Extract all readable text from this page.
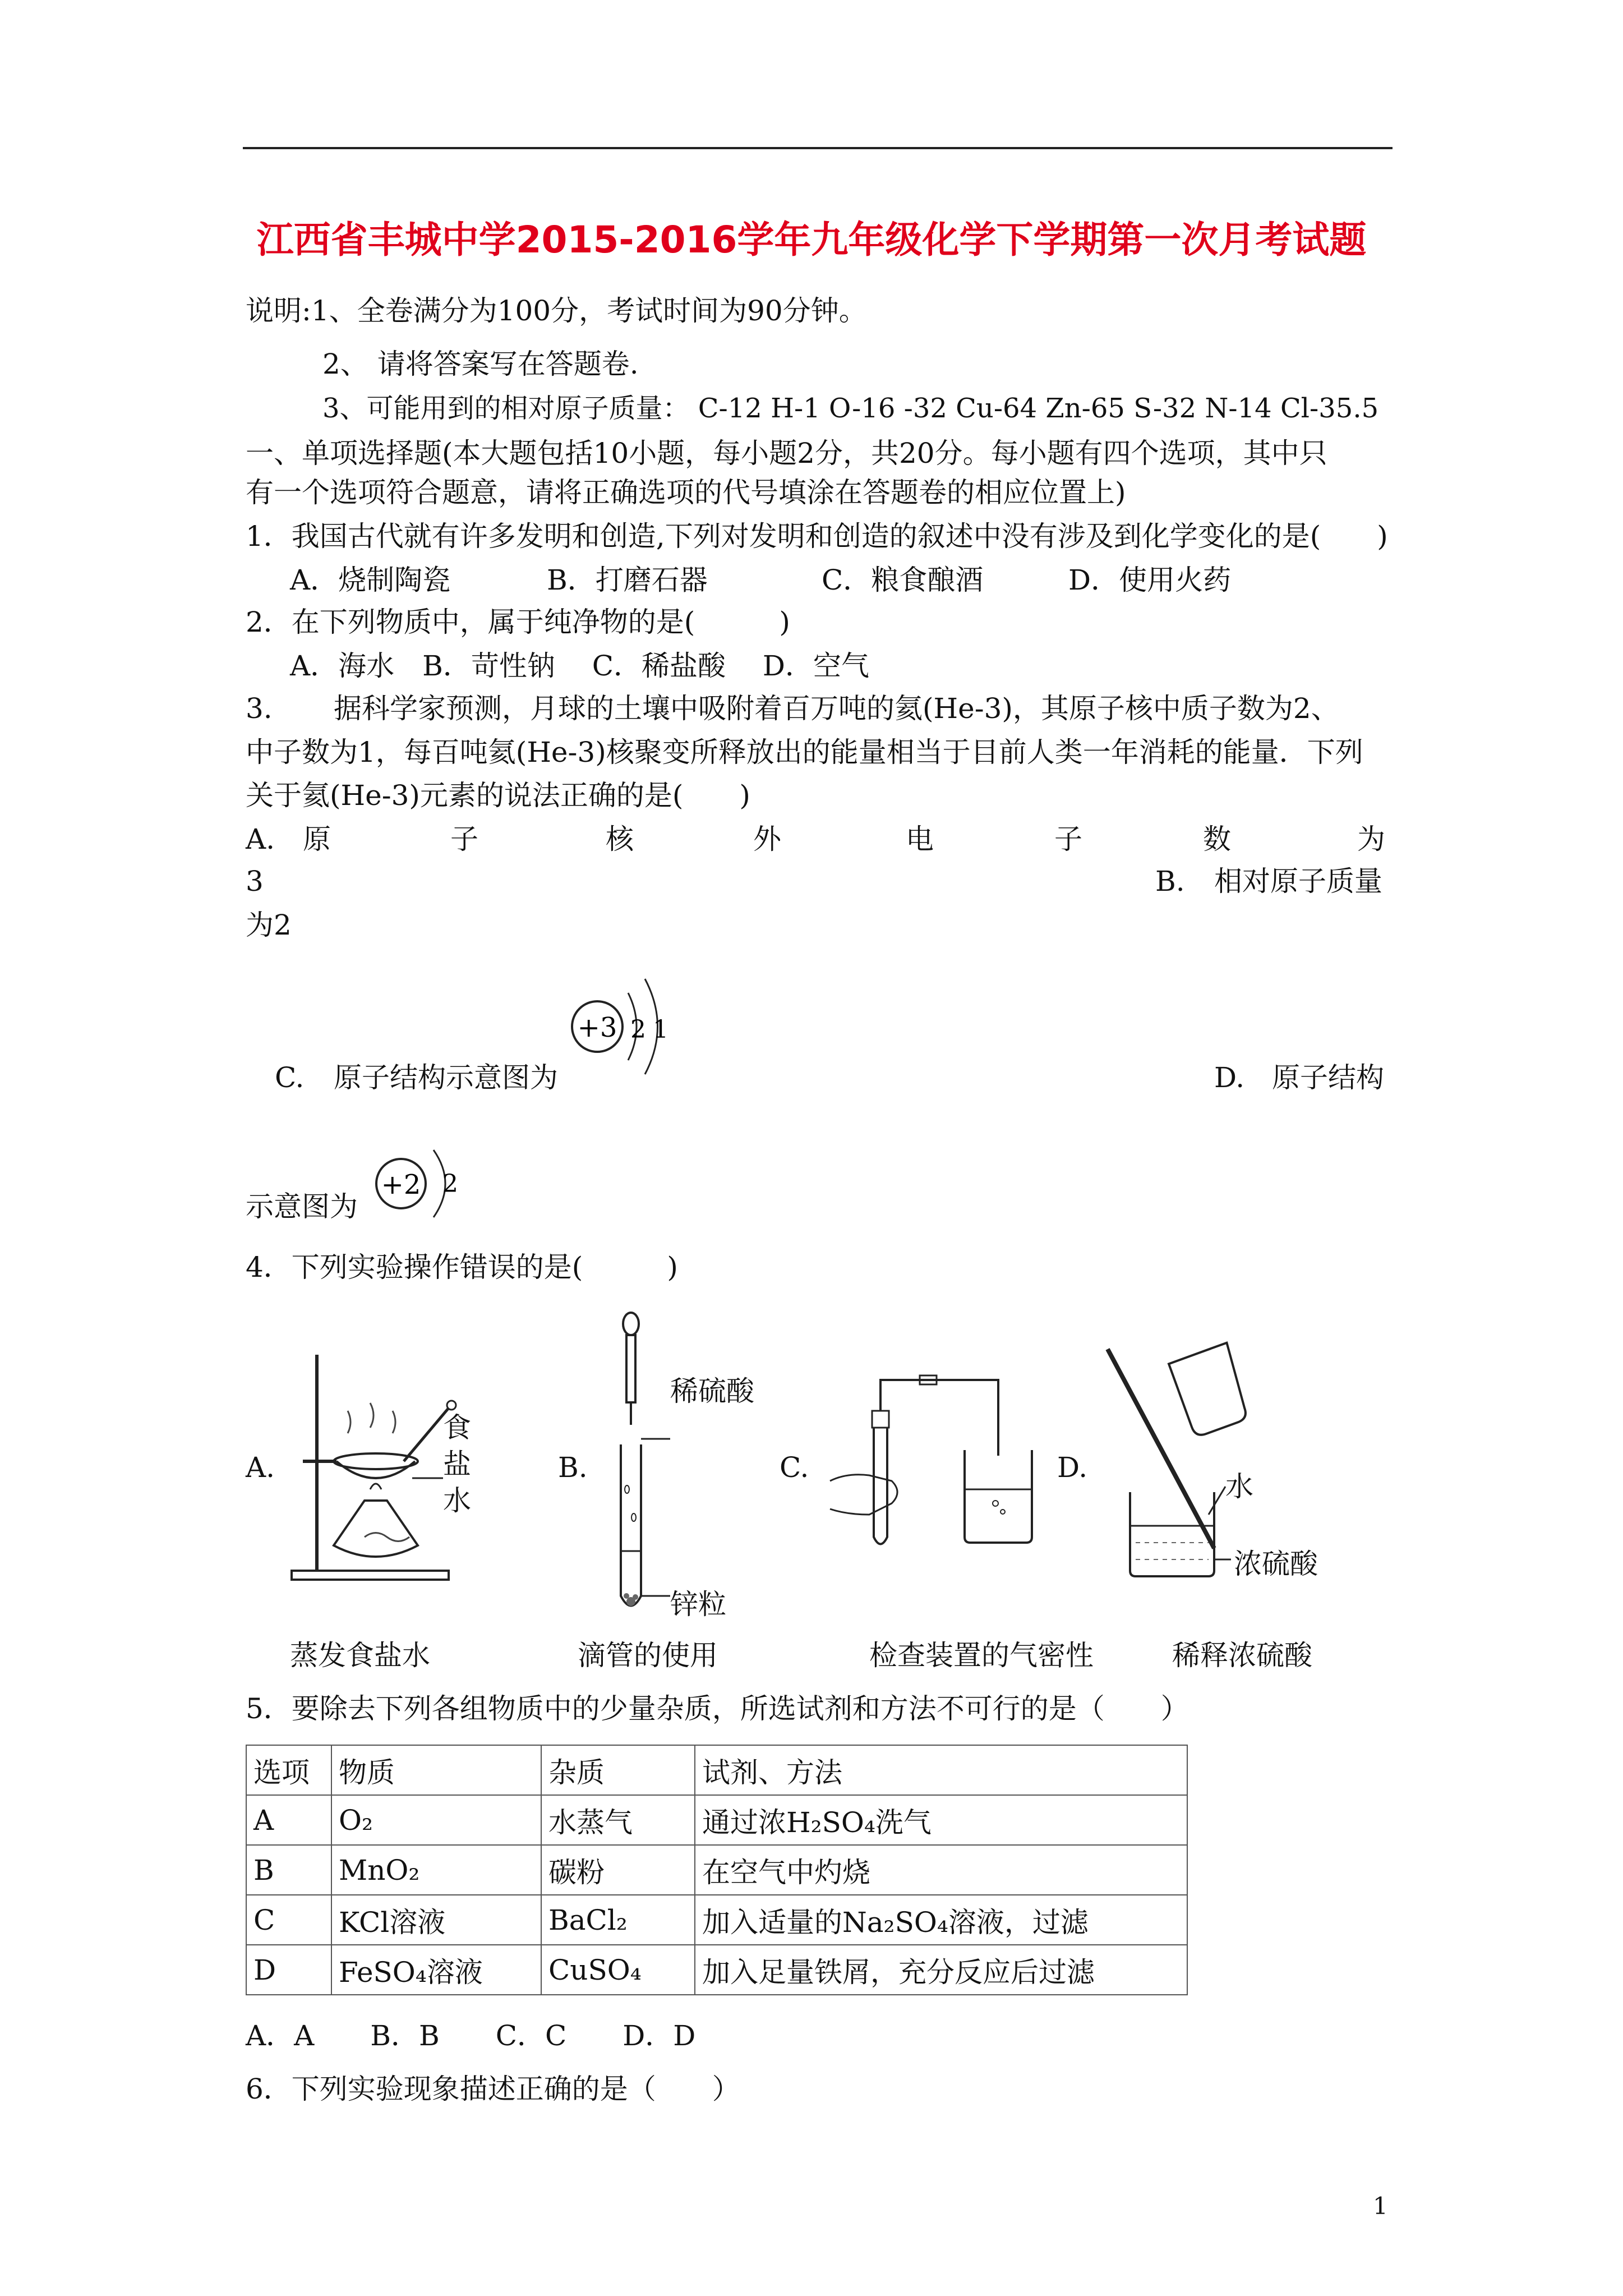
江西省丰城中学2015-2016学年九年级化学下学期第一次月考试题
说明:1、全卷满分为100分，考试时间为90分钟。
2、 请将答案写在答题卷.
3、可能用到的相对原子质量： C-12 H-1 O-16 -32 Cu-64 Zn-65 S-32 N-14 Cl-35.5
一、单项选择题(本大题包括10小题，每小题2分，共20分。每小题有四个选项，其中只
有一个选项符合题意，请将正确选项的代号填涂在答题卷的相应位置上)
1．我国古代就有许多发明和创造,下列对发明和创造的叙述中没有涉及到化学变化的是(　　)
A．烧制陶瓷	B．打磨石器	C．粮食酿酒	D．使用火药
2．在下列物质中，属于纯净物的是(　　　)
A．海水　B．苛性钠　 C．稀盐酸　 D．空气
3. 据科学家预测，月球的土壤中吸附着百万吨的氦(He-3)，其原子核中质子数为2、
中子数为1，每百吨氦(He-3)核聚变所释放出的能量相当于目前人类一年消耗的能量．下列
关于氦(He-3)元素的说法正确的是(　　)
A. 原	子	核	外	电	子	数	为
3	B. 相对原子质量
为2
C. 原子结构示意图为
+3 2 1
D. 原子结构
示意图为
+2 2
4．下列实验操作错误的是(　　　)
A.	B.	C.	D.
食
盐
水
稀硫酸
锌粒
水
浓硫酸
蒸发食盐水	滴管的使用	检查装置的气密性	稀释浓硫酸
5．要除去下列各组物质中的少量杂质，所选试剂和方法不可行的是（　　）
选项	物质	杂质	试剂、方法
A	O₂	水蒸气	通过浓H₂SO₄洗气
B	MnO₂	碳粉	在空气中灼烧
C	KCl溶液	BaCl₂	加入适量的Na₂SO₄溶液，过滤
D	FeSO₄溶液	CuSO₄	加入足量铁屑，充分反应后过滤
A．A　　B．B　　C．C　　D．D
6．下列实验现象描述正确的是（　　）
1
